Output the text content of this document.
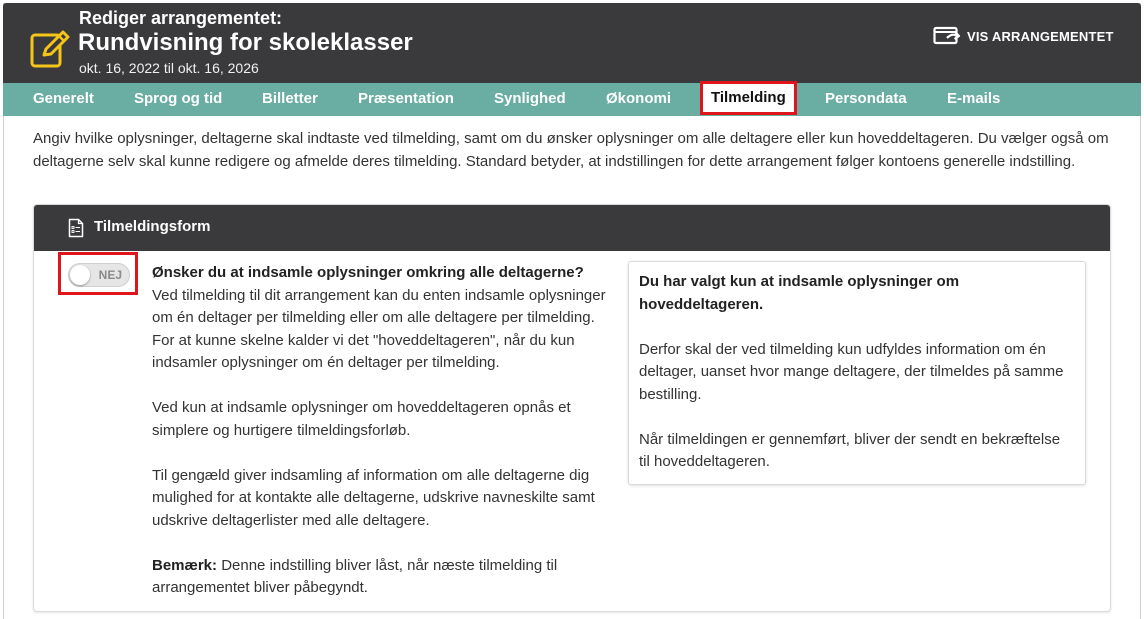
Rediger arrangementet:
Rundvisning for skoleklasser
okt. 16, 2022 til okt. 16, 2026
VIS ARRANGEMENTET
Generelt	Sprog og tid	Billetter	Præsentation	Synlighed	Økonomi	Tilmelding	Persondata	E-mails
Angiv hvilke oplysninger, deltagerne skal indtaste ved tilmelding, samt om du ønsker oplysninger om alle deltagere eller kun hoveddeltageren. Du vælger også om deltagerne selv skal kunne redigere og afmelde deres tilmelding. Standard betyder, at indstillingen for dette arrangement følger kontoens generelle indstilling.
Tilmeldingsform
NEJ Ønsker du at indsamle oplysninger omkring alle deltagerne?

Ved tilmelding til dit arrangement kan du enten indsamle oplysninger om én deltager per tilmelding eller om alle deltagere per tilmelding. For at kunne skelne kalder vi det "hoveddeltageren", når du kun indsamler oplysninger om én deltager per tilmelding.

Ved kun at indsamle oplysninger om hoveddeltageren opnås et simplere og hurtigere tilmeldingsforløb.

Til gengæld giver indsamling af information om alle deltagerne dig mulighed for at kontakte alle deltagerne, udskrive navneskilte samt udskrive deltagerlister med alle deltagere.

Bemærk: Denne indstilling bliver låst, når næste tilmelding til arrangementet bliver påbegyndt.

Du har valgt kun at indsamle oplysninger om hoveddeltageren.

Derfor skal der ved tilmelding kun udfyldes information om én deltager, uanset hvor mange deltagere, der tilmeldes på samme bestilling.

Når tilmeldingen er gennemført, bliver der sendt en bekræftelse til hoveddeltageren.
